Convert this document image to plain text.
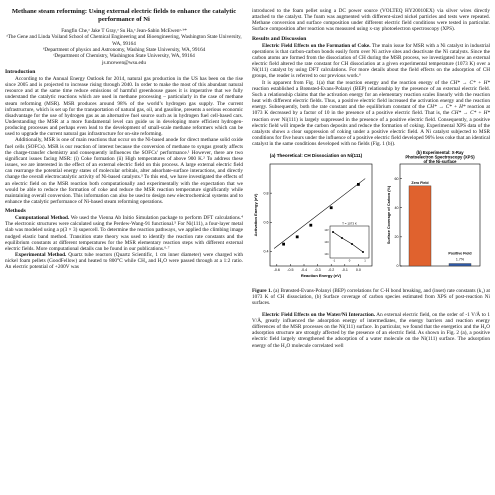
Methane steam reforming: Using external electric fields to enhance the catalytic performance of Ni
Fangfin Che,ᵃ Jake T Gray,ᵃ Su Ha,ᵃ Jean-Sabin McEwenᵃ·ᵇ*
ᵃThe Gene and Linda Voiland School of Chemical Engineering and Bioengineering, Washington State University, WA, 99164
ᵇDepartment of physics and Astronomy, Washing State University, WA, 99164
ᶜDepartment of Chemistry, Washington State University, WA, 99164
js.mcewen@wsu.edu
Introduction

According to the Annual Energy Outlook for 2014, natural gas production in the US has been on the rise since 2005 and is projected to increase rising through 2040. In order to make the most of this abundant natural resource and at the same time reduce emissions of harmful greenhouse gases it is imperative that we fully understand the catalytic reactions which are used in methane processing – particularly in the case of methane steam reforming (MSR). MSR produces around 98% of the world’s hydrogen gas supply. The current infrastructure, which is set up for the transportation of natural gas, oil, and gasoline, presents a serious economic disadvantage for the use of hydrogen gas as an alternative fuel source such as in hydrogen fuel cell-based cars. Understanding the MSR at a more fundamental level can guide us in developing more efficient hydrogen-producing processes and perhaps even lead to the development of small-scale methane reformers which can be used to upgrade the current natural gas infrastructure for on-site reforming.

Additionally, MSR is one of main reactions that occur on the Ni-based anode for direct methane solid oxide fuel cells (SOFCs). MSR is our reaction of interest because the conversion of methane to syngas greatly affects the charge-transfer chemistry and consequently influences the SOFCs’ performance.¹ However, there are two significant issues facing MSR: (i) Coke formation (ii) High temperatures of above 900 K.² To address these issues, we are interested in the effect of an external electric field on this process. A large external electric field can rearrange the potential energy states of molecular orbitals, alter adsorbate-surface interactions, and directly change the overall electrocatalytic activity of Ni-based catalysts.³ To this end, we have investigated the effects of an electric field on the MSR reaction both computationally and experimentally with the expectation that we would be able to reduce the formation of coke and reduce the MSR reaction temperature significantly while maintaining overall conversion. This information can also be used to design new electrochemical systems and to enhance the catalytic performance of Ni-based steam reforming operations.

Methods

Computational Method. We used the Vienna Ab Initio Simulation package to perform DFT calculations.⁴ The electronic structures were calculated using the Perdew-Wang-91 functional.⁵ For Ni(111), a four-layer metal slab was modeled using a p(3 × 3) supercell. To determine the reaction pathways, we applied the climbing image nudged elastic band method. Transition state theory was used to identify the reaction rate constants and the equilibrium constants at different temperatures for the MSR elementary reaction steps with different external electric fields. More computational details can be found in our publications.⁶·⁷

Experimental Method. Quartz tube reactors (Quartz Scientific, 1 cm inner diameter) were charged with nickel foam pellets (GoodFellow) and heated to 800°C while CH₄ and H₂O were passed through at a 1:2 ratio. An electric potential of +200V was

introduced to the foam pellet using a DC power source (VOLTEQ HY20010EX) via silver wires directly attached to the catalyst. The foam was augmented with different-sized nickel particles and tests were repeated. Methane conversion and surface composition under different electric field conditions were tested in particular. Surface composition after reaction was measured using x-ray photoelectron spectroscopy (XPS).

Results and Discussion

Electric Field Effects on the Formation of Coke. The main issue for MSR with a Ni catalyst in industrial operations is that carbon-carbon bonds easily form over Ni active sites and deactivate the Ni catalysts. Since the carbon atoms are formed from the dissociation of CH during the MSR process, we investigated how an external electric field altered the rate constant for CH dissociation at a given experimental temperature (1073 K) over a Ni(111) catalyst by using DFT calculations. For more details about the field effects on the adsorption of CH groups, the reader is referred to our previous work.⁶

It is apparent from Fig. 1(a) that the reaction energy and the reaction energy of the CH* → C* + H* reaction established a Brønsted-Evans-Polanyi (BEP) relationship by the presence of an external electric field. Such a relationship claims that the activation energy for an elementary reaction scales linearly with the reaction heat with different electric fields. Thus, a positive electric field increased the activation energy and the reaction energy. Subsequently, both the rate constant and the equilibrium constant of the CH* → C* + H* reaction at 1073 K decreased by a factor of 10 in the presence of a positive electric field. That is, the CH* → C* + H* reaction over Ni(111) is largely suppressed in the presence of a positive electric field. Consequently, a positive electric field will impede the carbon deposits and reduce the formation of coking. Experimental XPS data of the catalysts shows a clear suppression of coking under a positive electric field. A Ni catalyst subjected to MSR conditions for five hours under the influence of a positive electric field developed 96% less coke that an identical catalyst in the same conditions developed with no fields (Fig. 1 (b)).

(a) Theoretical: CH Dissociation on Ni(111)
-0.6 -0.5 -0.4 -0.3 -0.2 -0.1 0.0
0.4
0.6
0.8
Reaction Energy (eV)
Activation Energy (eV)
-1	0	1
10¹¹
10¹²
10¹³
T = 1073 K
(b) Experimental: X-Ray Photoelectron Spectroscopy (XPS) of the Ni-surface
0
20
40
60
Surface Coverage of Carbon (%)
Zero Field
Positive Field
1.7%

Figure 1. (a) Brønsted-Evans-Polanyi (BEP) correlations for C-H bond breaking, and (inset) rate constants (k₁) at 1073 K of CH dissociation, (b) Surface coverage of carbon species estimated from XPS of post-reaction Ni surfaces.

Electric Field Effects on the Water/Ni Interaction. An external electric field, on the order of -1 V/Å to 1 V/Å, greatly influenced the adsorption energy of intermediates, the energy barriers and reaction energy differences of the MSR processes on the Ni(111) surface. In particular, we found that the energetics and the H₂O adsorption structure are strongly affected by the presence of an electric field. As shown in Fig. 2 (a), a positive electric field largely strengthened the adsorption of a water molecule on the Ni(111) surface. The adsorption energy of the H₂O molecule correlated well
